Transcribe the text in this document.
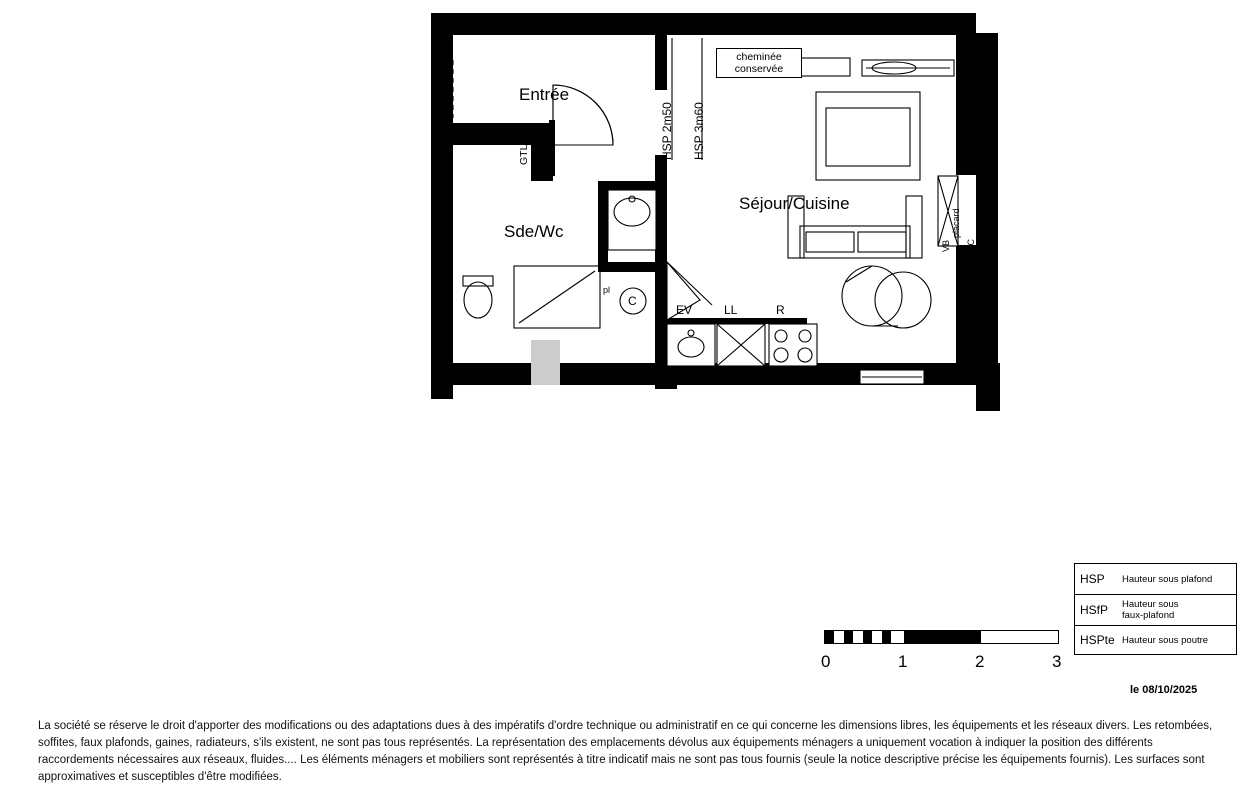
Entrée
Sde/Wc
Séjour/Cuisine
GTL	HSP 2m50 HSP 3m60
cheminée
conservée
placard
VB CC
pl
C
EV	LL	R
0	1	2	3
HSP	Hauteur sous plafond
HSfP	Hauteur sous
faux-plafond
HSPte Hauteur sous poutre
le 08/10/2025
La société se réserve le droit d'apporter des modifications ou des adaptations dues à des impératifs d'ordre technique ou administratif en ce qui concerne les dimensions libres, les équipements et les réseaux divers. Les retombées, soffites, faux plafonds, gaines, radiateurs, s'ils existent, ne sont pas tous représentés. La représentation des emplacements dévolus aux équipements ménagers a uniquement vocation à indiquer la position des différents raccordements nécessaires aux réseaux, fluides.... Les éléments ménagers et mobiliers sont représentés à titre indicatif mais ne sont pas tous fournis (seule la notice descriptive précise les équipements fournis). Les surfaces sont approximatives et susceptibles d'être modifiées.
